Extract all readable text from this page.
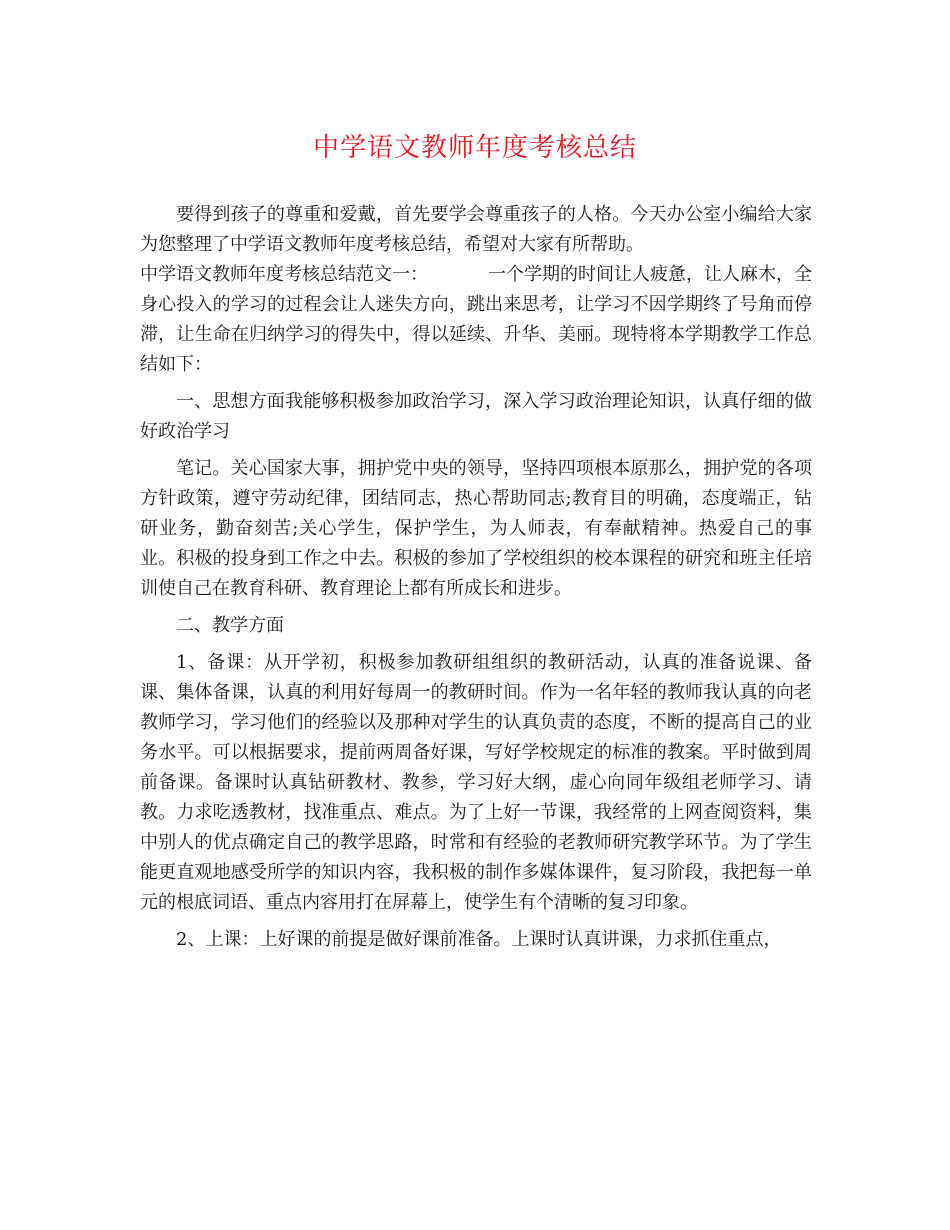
中学语文教师年度考核总结

要得到孩子的尊重和爱戴，首先要学会尊重孩子的人格。今天办公室小编给大家为您整理了中学语文教师年度考核总结，希望对大家有所帮助。

中学语文教师年度考核总结范文一：	一个学期的时间让人疲惫，让人麻木，全身心投入的学习的过程会让人迷失方向，跳出来思考，让学习不因学期终了号角而停滞，让生命在归纳学习的得失中，得以延续、升华、美丽。现特将本学期教学工作总结如下：

一、思想方面我能够积极参加政治学习，深入学习政治理论知识，认真仔细的做好政治学习

笔记。关心国家大事，拥护党中央的领导，坚持四项根本原那么，拥护党的各项方针政策，遵守劳动纪律，团结同志，热心帮助同志;教育目的明确，态度端正，钻研业务，勤奋刻苦;关心学生，保护学生，为人师表，有奉献精神。热爱自己的事业。积极的投身到工作之中去。积极的参加了学校组织的校本课程的研究和班主任培训使自己在教育科研、教育理论上都有所成长和进步。

二、教学方面

1、备课：从开学初，积极参加教研组组织的教研活动，认真的准备说课、备课、集体备课，认真的利用好每周一的教研时间。作为一名年轻的教师我认真的向老教师学习，学习他们的经验以及那种对学生的认真负责的态度，不断的提高自己的业务水平。可以根据要求，提前两周备好课，写好学校规定的标准的教案。平时做到周前备课。备课时认真钻研教材、教参，学习好大纲，虚心向同年级组老师学习、请教。力求吃透教材，找准重点、难点。为了上好一节课，我经常的上网查阅资料，集中别人的优点确定自己的教学思路，时常和有经验的老教师研究教学环节。为了学生能更直观地感受所学的知识内容，我积极的制作多媒体课件，复习阶段，我把每一单元的根底词语、重点内容用打在屏幕上，使学生有个清晰的复习印象。

2、上课：上好课的前提是做好课前准备。上课时认真讲课，力求抓住重点，
